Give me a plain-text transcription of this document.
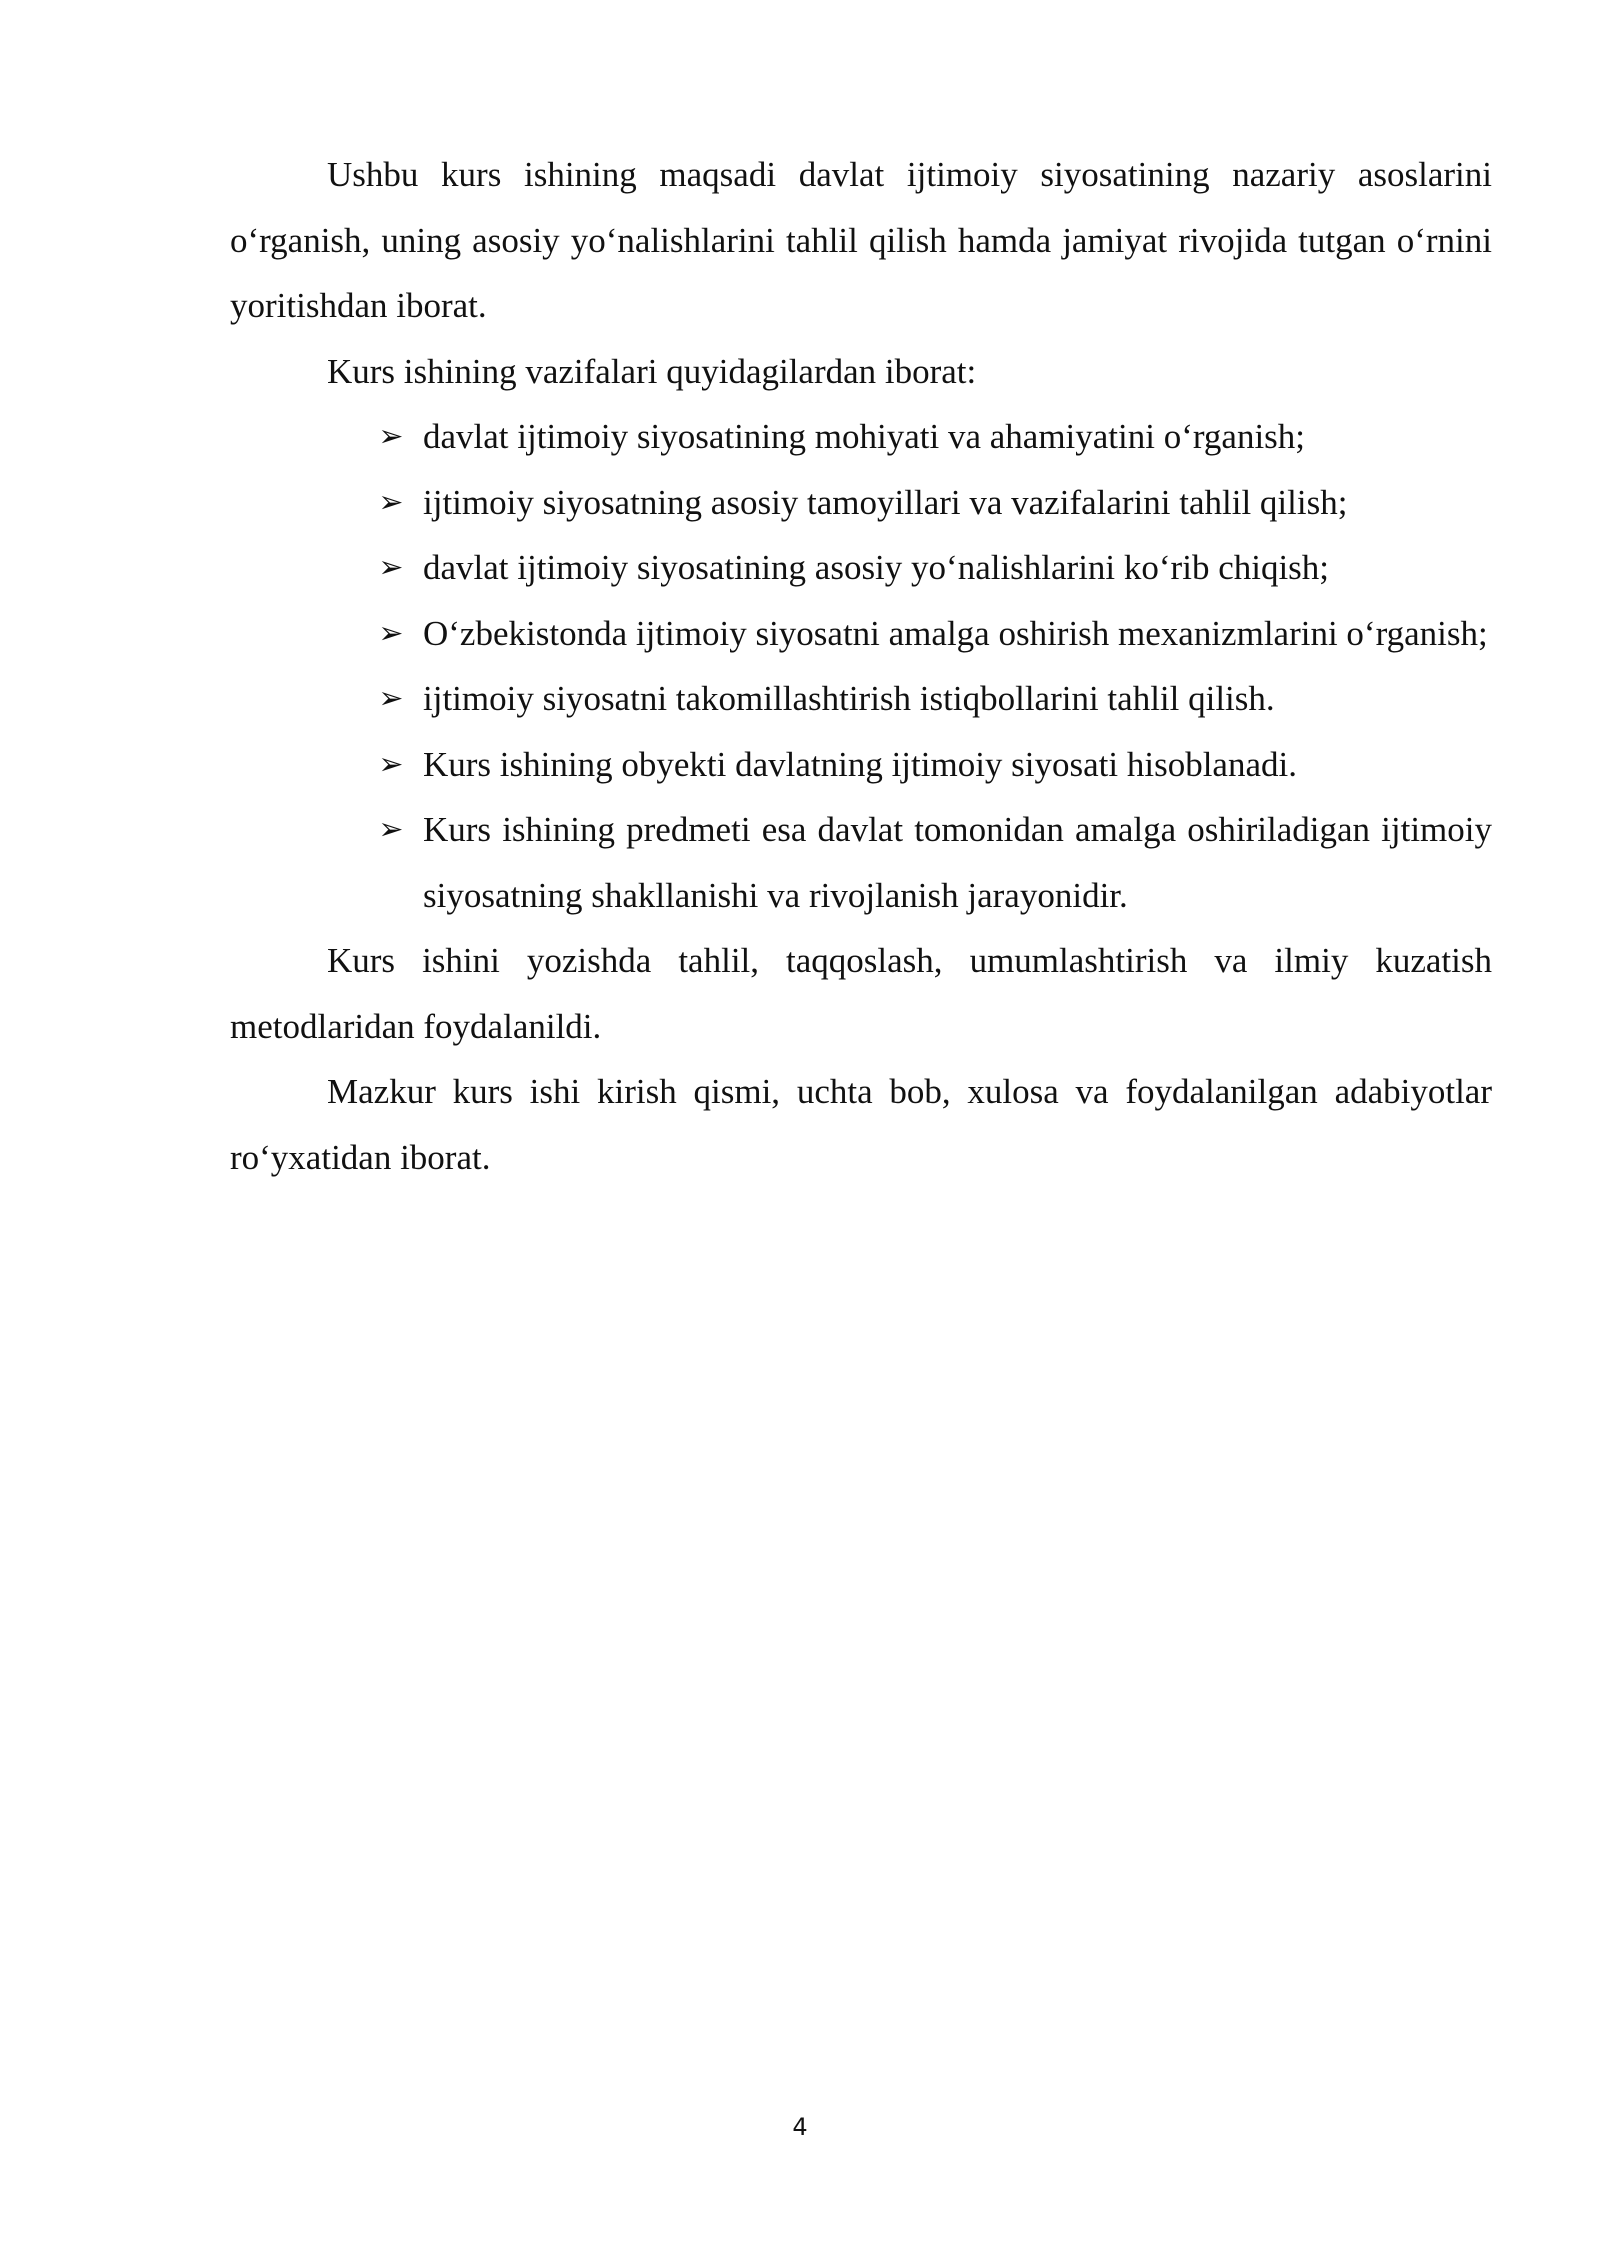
Ushbu kurs ishining maqsadi davlat ijtimoiy siyosatining nazariy asoslarini o‘rganish, uning asosiy yo‘nalishlarini tahlil qilish hamda jamiyat rivojida tutgan o‘rnini yoritishdan iborat.

Kurs ishining vazifalari quyidagilardan iborat:

➢ davlat ijtimoiy siyosatining mohiyati va ahamiyatini o‘rganish;
➢ ijtimoiy siyosatning asosiy tamoyillari va vazifalarini tahlil qilish;
➢ davlat ijtimoiy siyosatining asosiy yo‘nalishlarini ko‘rib chiqish;
➢ O‘zbekistonda ijtimoiy siyosatni amalga oshirish mexanizmlarini o‘rganish;
➢ ijtimoiy siyosatni takomillashtirish istiqbollarini tahlil qilish.
➢ Kurs ishining obyekti davlatning ijtimoiy siyosati hisoblanadi.
➢ Kurs ishining predmeti esa davlat tomonidan amalga oshiriladigan ijtimoiy siyosatning shakllanishi va rivojlanish jarayonidir.

Kurs ishini yozishda tahlil, taqqoslash, umumlashtirish va ilmiy kuzatish metodlaridan foydalanildi.

Mazkur kurs ishi kirish qismi, uchta bob, xulosa va foydalanilgan adabiyotlar ro‘yxatidan iborat.

4
